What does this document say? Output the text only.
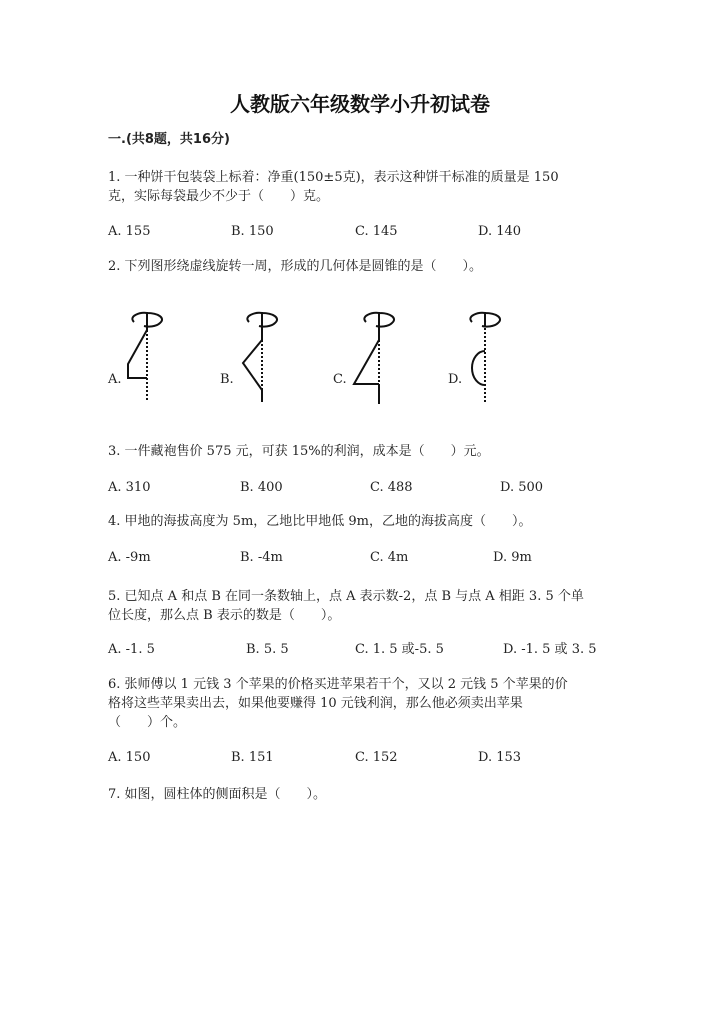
人教版六年级数学小升初试卷
一.(共8题，共16分)
1. 一种饼干包装袋上标着：净重(150±5克)，表示这种饼干标准的质量是 150
克，实际每袋最少不少于（　　）克。
A. 155	B. 150	C. 145	D. 140
2. 下列图形绕虚线旋转一周，形成的几何体是圆锥的是（　　）。
A.	B.	C.	D.
3. 一件藏袍售价 575 元，可获 15%的利润，成本是（　　）元。
A. 310	B. 400	C. 488	D. 500
4. 甲地的海拔高度为 5m，乙地比甲地低 9m，乙地的海拔高度（　　）。
A. -9m	B. -4m	C. 4m	D. 9m
5. 已知点 A 和点 B 在同一条数轴上，点 A 表示数-2，点 B 与点 A 相距 3. 5 个单
位长度，那么点 B 表示的数是（　　）。
A. -1. 5	B. 5. 5	C. 1. 5 或-5. 5	D. -1. 5 或 3. 5
6. 张师傅以 1 元钱 3 个苹果的价格买进苹果若干个，又以 2 元钱 5 个苹果的价
格将这些苹果卖出去，如果他要赚得 10 元钱利润，那么他必须卖出苹果
（　　）个。
A. 150	B. 151	C. 152	D. 153
7. 如图，圆柱体的侧面积是（　　）。
